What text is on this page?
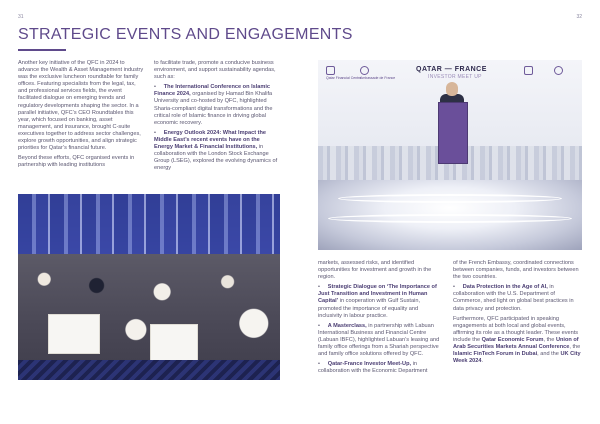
31	32
STRATEGIC EVENTS AND ENGAGEMENTS

Another key initiative of the QFC in 2024 to advance the Wealth & Asset Management industry was the exclusive luncheon roundtable for family offices. Featuring specialists from the legal, tax, and professional services fields, the event facilitated dialogue on emerging trends and regulatory developments shaping the sector. In a parallel initiative, QFC’s CEO Roundtables this year, which focused on banking, asset management, and insurance, brought C-suite executives together to address sector challenges, explore growth opportunities, and align strategic priorities for Qatar’s financial future.

Beyond these efforts, QFC organised events in partnership with leading institutions

to facilitate trade, promote a conducive business environment, and support sustainability agendas, such as:

•     The International Conference on Islamic Finance 2024, organised by Hamad Bin Khalifa University and co-hosted by QFC, highlighted Sharia-compliant digital transformations and the critical role of Islamic finance in driving global economic recovery.

•     Energy Outlook 2024: What Impact the Middle East’s recent events have on the Energy Market & Financial Institutions, in collaboration with the London Stock Exchange Group (LSEG), explored the evolving dynamics of energy

Qatar Financial Centre
Ambassade de France
QATAR — FRANCE
INVESTOR MEET UP

markets, assessed risks, and identified opportunities for investment and growth in the region.

•     Strategic Dialogue on ‘The Importance of Just Transition and Investment in Human Capital’ in cooperation with Gulf Sustain, promoted the importance of equality and inclusivity in labour practice.

•     A Masterclass, in partnership with Labuan International Business and Financial Centre (Labuan IBFC), highlighted Labuan’s leasing and family office offerings from a Shariah perspective and family office solutions offered by QFC.

•     Qatar-France Investor Meet-Up, in collaboration with the Economic Department

of the French Embassy, coordinated connections between companies, funds, and investors between the two countries.

•     Data Protection in the Age of AI, in collaboration with the U.S. Department of Commerce, shed light on global best practices in data privacy and protection.

Furthermore, QFC participated in speaking engagements at both local and global events, affirming its role as a thought leader. These events include the Qatar Economic Forum, the Union of Arab Securities Markets Annual Conference, the Islamic FinTech Forum in Dubai, and the UK City Week 2024.
